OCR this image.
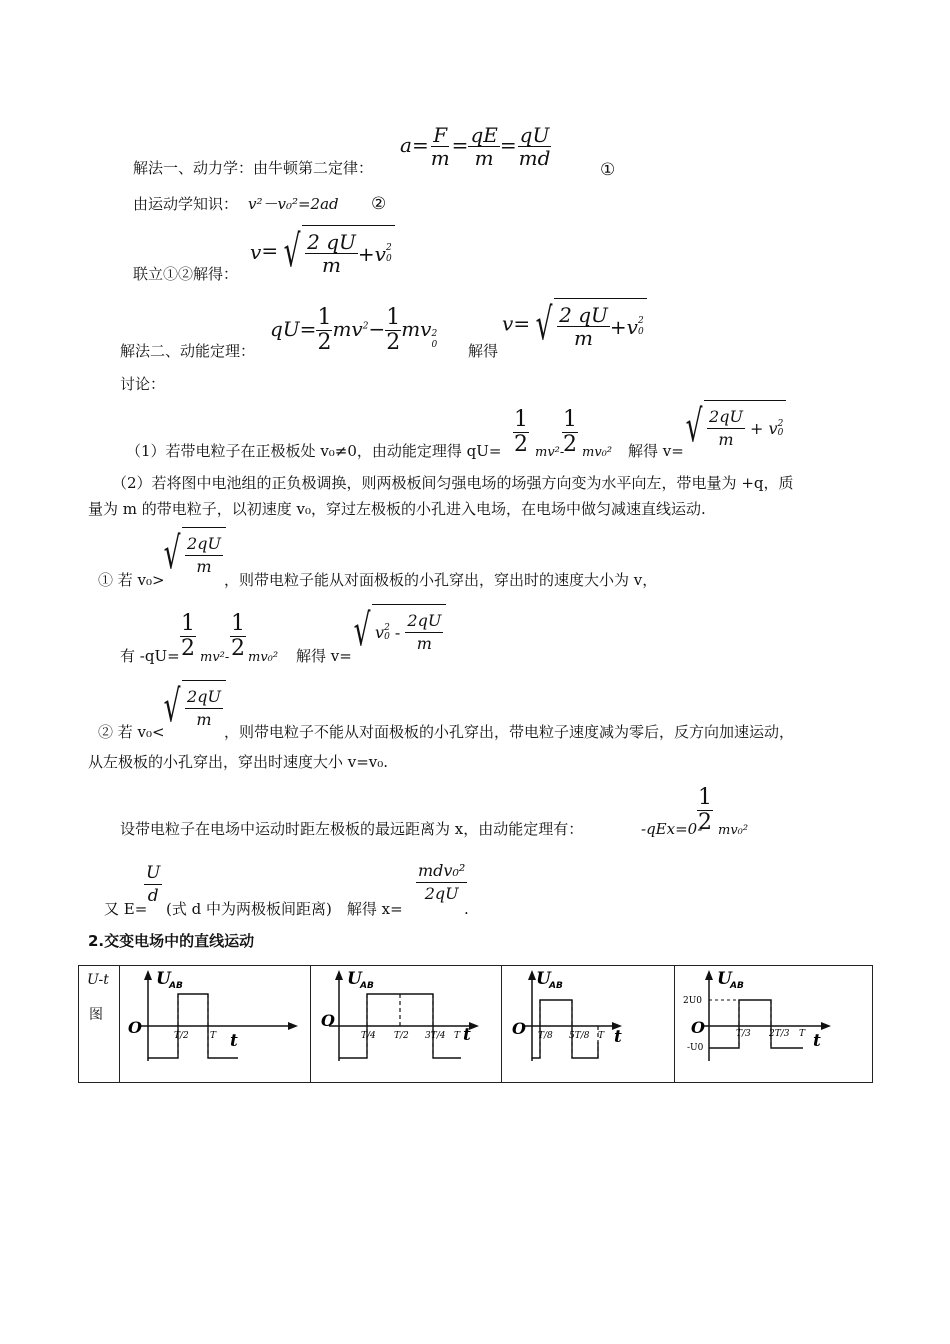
解法一、动力学：由牛顿第二定律：
$a= \frac{F}{m} = \frac{qE}{m} = \frac{qU}{md}$
①
由运动学知识： v²－v₀²=2ad ②
联立①②解得：
v= √ $\frac{2 qU}{m} +v$ 2
0
解法二、动能定理：
$qU= \frac{1}{2} mv^2- \frac{1}{2}$ mv 2
0 解得
v= √ $\frac{2 qU}{m} +v$ 2
0
讨论：
（1）若带电粒子在正极板处 v₀≠0，由动能定理得 $qU= \frac{1}{2} mv^2-$
$\frac{1}{2} mv_0^2$ 解得 v= √ $\frac{2qU}{m} + v$ 2
0
（2）若将图中电池组的正负极调换，则两极板间匀强电场的场强方向变为水平向左，带电量为 +q，质
量为 m 的带电粒子，以初速度 v₀，穿过左极板的小孔进入电场，在电场中做匀减速直线运动.
① 若 v₀>
√ $\frac{2qU}{m}$
，则带电粒子能从对面极板的小孔穿出，穿出时的速度大小为 v，
有 $-qU= \frac{1}{2} mv^2- \frac{1}{2} mv_0^2$ 解得 v= √ v 2
0
-
$\frac{2qU}{m}$
② 若 v₀< √ $\frac{2qU}{m}$
，则带电粒子不能从对面极板的小孔穿出，带电粒子速度减为零后，反方向加速运动，
从左极板的小孔穿出，穿出时速度大小 v=v₀.
设带电粒子在电场中运动时距左极板的最远距离为 x，由动能定理有：	-qEx=0-
$\frac{1}{2} mv_0^2$
又 E=
$\frac{U}{d}$
(式 d 中为两极板间距离)　解得 x=
$\frac{\text{mdv₀²}}{2qU}$
.
2.交变电场中的直线运动
U-t
图

U
AB
O
t
T/2 T

U
AB
O
t
T/4 T/2 3T/4 T

U
AB
O	t
T/8 5T/8 T

U
AB
2U0
O
-U0	t
T/3 2T/3 T
